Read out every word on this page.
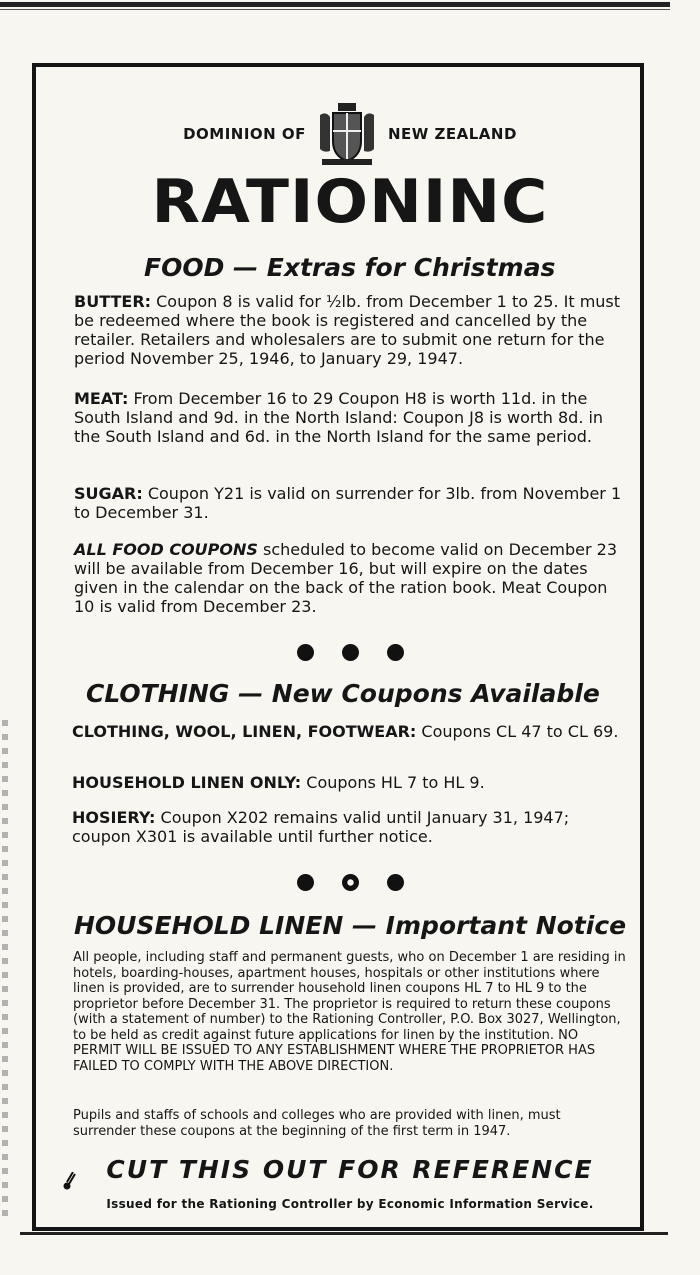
DOMINION OF	NEW ZEALAND
RATIONINC
FOOD — Extras for Christmas

BUTTER: Coupon 8 is valid for ½lb. from December 1 to 25. It must be redeemed where the book is registered and cancelled by the retailer. Retailers and wholesalers are to submit one return for the period November 25, 1946, to January 29, 1947.

MEAT: From December 16 to 29 Coupon H8 is worth 11d. in the South Island and 9d. in the North Island: Coupon J8 is worth 8d. in the South Island and 6d. in the North Island for the same period.

SUGAR: Coupon Y21 is valid on surrender for 3lb. from November 1 to December 31.

ALL FOOD COUPONS scheduled to become valid on December 23 will be available from December 16, but will expire on the dates given in the calendar on the back of the ration book. Meat Coupon 10 is valid from December 23.

CLOTHING — New Coupons Available

CLOTHING, WOOL, LINEN, FOOTWEAR: Coupons CL 47 to CL 69.

HOUSEHOLD LINEN ONLY: Coupons HL 7 to HL 9.

HOSIERY: Coupon X202 remains valid until January 31, 1947; coupon X301 is available until further notice.

HOUSEHOLD LINEN — Important Notice

All people, including staff and permanent guests, who on December 1 are residing in hotels, boarding-houses, apartment houses, hospitals or other institutions where linen is provided, are to surrender household linen coupons HL 7 to HL 9 to the proprietor before December 31. The proprietor is required to return these coupons (with a statement of number) to the Rationing Controller, P.O. Box 3027, Wellington, to be held as credit against future applications for linen by the institution. NO PERMIT WILL BE ISSUED TO ANY ESTABLISHMENT WHERE THE PROPRIETOR HAS FAILED TO COMPLY WITH THE ABOVE DIRECTION.

Pupils and staffs of schools and colleges who are provided with linen, must surrender these coupons at the beginning of the first term in 1947.

CUT THIS OUT FOR REFERENCE
Issued for the Rationing Controller by Economic Information Service.
